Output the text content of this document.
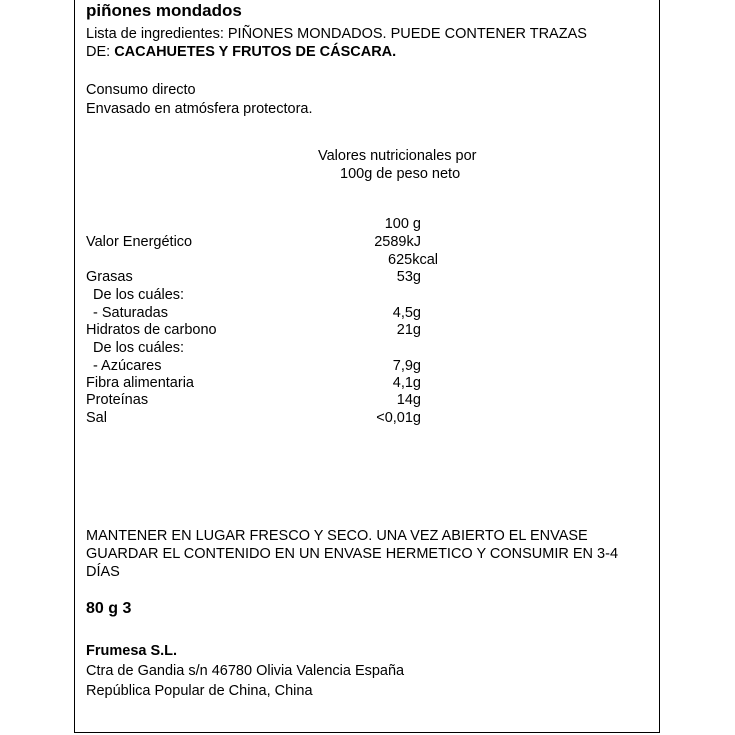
piñones mondados
Lista de ingredientes: PIÑONES MONDADOS. PUEDE CONTENER TRAZAS
DE: CACAHUETES Y FRUTOS DE CÁSCARA.
Consumo directo
Envasado en atmósfera protectora.
Valores nutricionales por
100g de peso neto
100 g
Valor Energético	2589kJ
625kcal
Grasas	53g
De los cuáles:
- Saturadas	4,5g
Hidratos de carbono	21g
De los cuáles:
- Azúcares	7,9g
Fibra alimentaria	4,1g
Proteínas	14g
Sal	<0,01g
MANTENER EN LUGAR FRESCO Y SECO. UNA VEZ ABIERTO EL ENVASE
GUARDAR EL CONTENIDO EN UN ENVASE HERMETICO Y CONSUMIR EN 3-4
DÍAS
80 g 3
Frumesa S.L.
Ctra de Gandia s/n 46780 Olivia Valencia España
República Popular de China, China
